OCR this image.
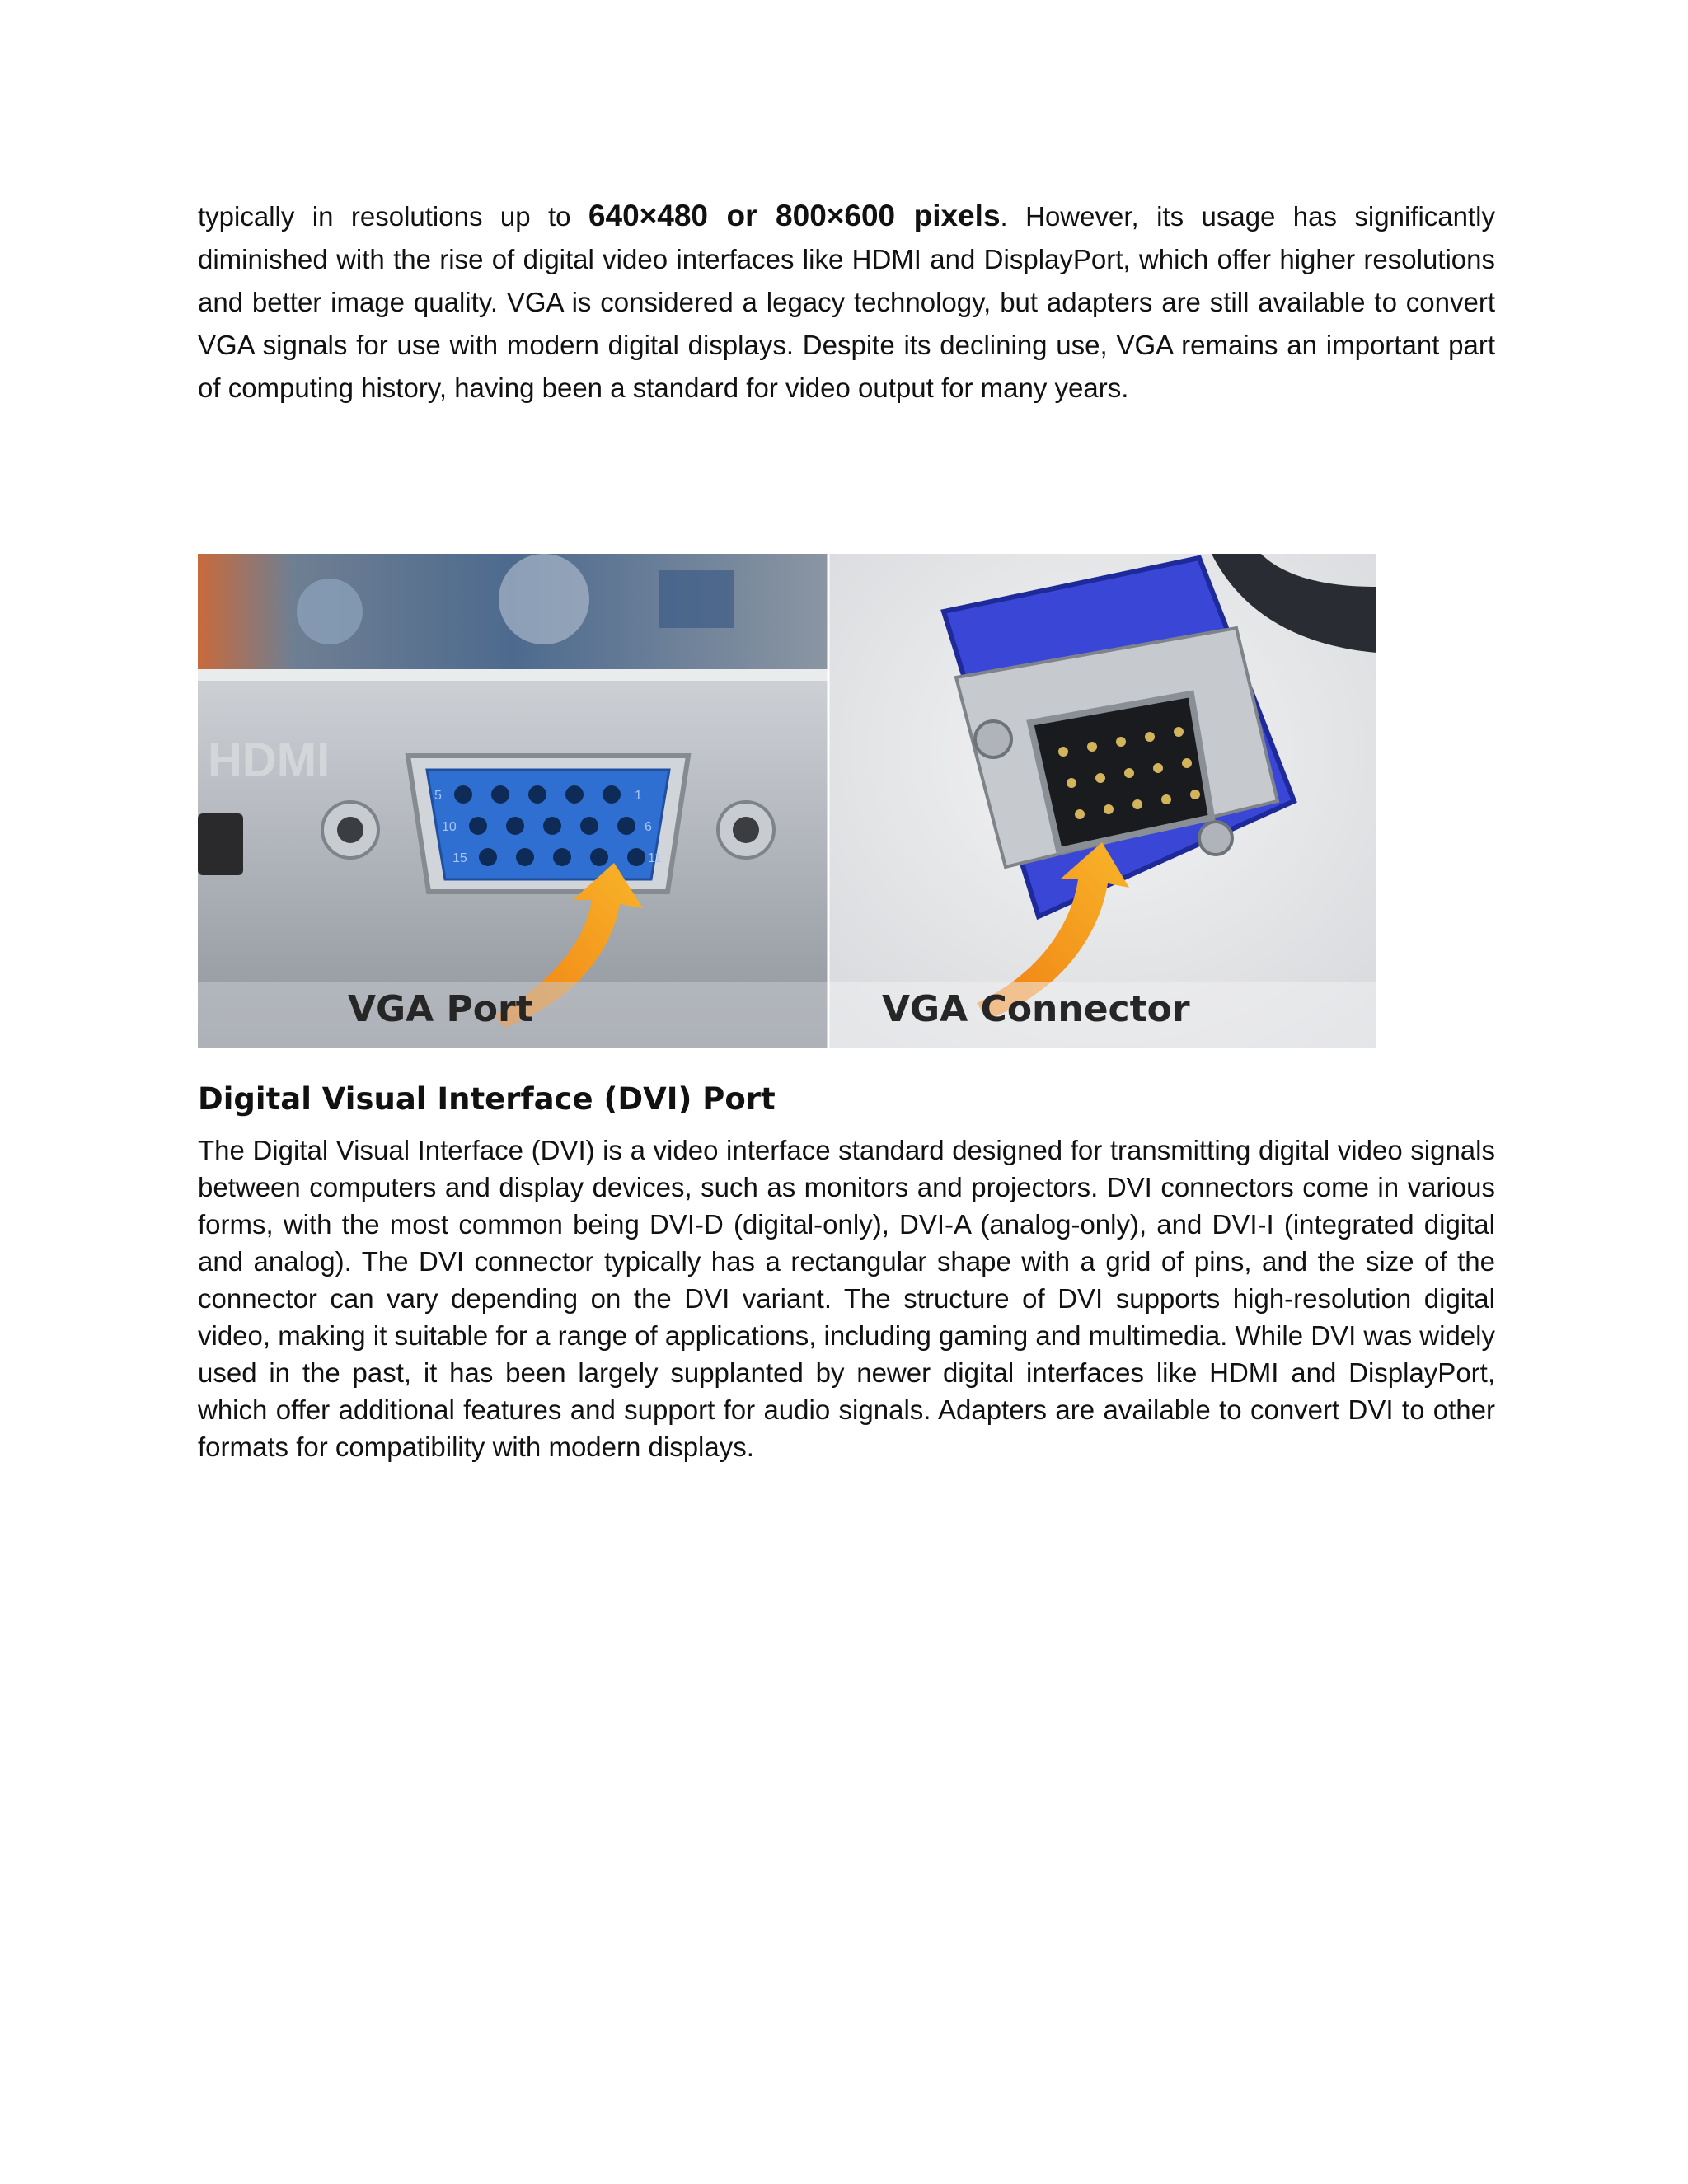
typically in resolutions up to 640×480 or 800×600 pixels. However, its usage has significantly diminished with the rise of digital video interfaces like HDMI and DisplayPort, which offer higher resolutions and better image quality. VGA is considered a legacy technology, but adapters are still available to convert VGA signals for use with modern digital displays. Despite its declining use, VGA remains an important part of computing history, having been a standard for video output for many years.

HDMI
5
10
15
1
6
11
VGA Port	VGA Connector
Digital Visual Interface (DVI) Port

The Digital Visual Interface (DVI) is a video interface standard designed for transmitting digital video signals between computers and display devices, such as monitors and projectors. DVI connectors come in various forms, with the most common being DVI-D (digital-only), DVI-A (analog-only), and DVI-I (integrated digital and analog). The DVI connector typically has a rectangular shape with a grid of pins, and the size of the connector can vary depending on the DVI variant. The structure of DVI supports high-resolution digital video, making it suitable for a range of applications, including gaming and multimedia. While DVI was widely used in the past, it has been largely supplanted by newer digital interfaces like HDMI and DisplayPort, which offer additional features and support for audio signals. Adapters are available to convert DVI to other formats for compatibility with modern displays.
